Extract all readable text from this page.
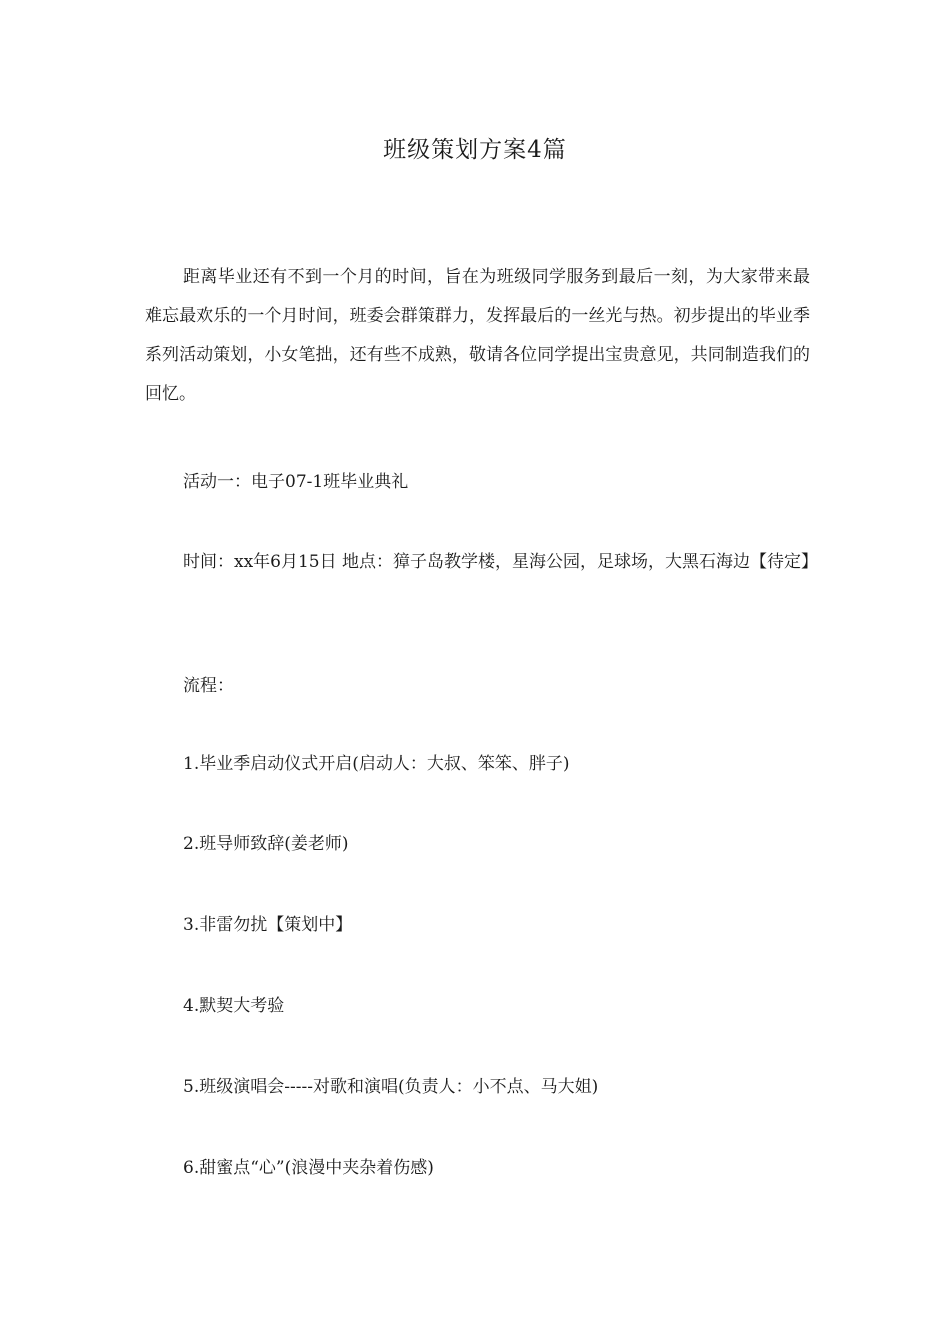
班级策划方案4篇

距离毕业还有不到一个月的时间，旨在为班级同学服务到最后一刻，为大家带来最难忘最欢乐的一个月时间，班委会群策群力，发挥最后的一丝光与热。初步提出的毕业季系列活动策划，小女笔拙，还有些不成熟，敬请各位同学提出宝贵意见，共同制造我们的回忆。

活动一：电子07-1班毕业典礼

时间：xx年6月15日 地点：獐子岛教学楼，星海公园，足球场，大黑石海边【待定】

流程：

1.毕业季启动仪式开启(启动人：大叔、笨笨、胖子)

2.班导师致辞(姜老师)

3.非雷勿扰【策划中】

4.默契大考验

5.班级演唱会-----对歌和演唱(负责人：小不点、马大姐)

6.甜蜜点“心”(浪漫中夹杂着伤感)
